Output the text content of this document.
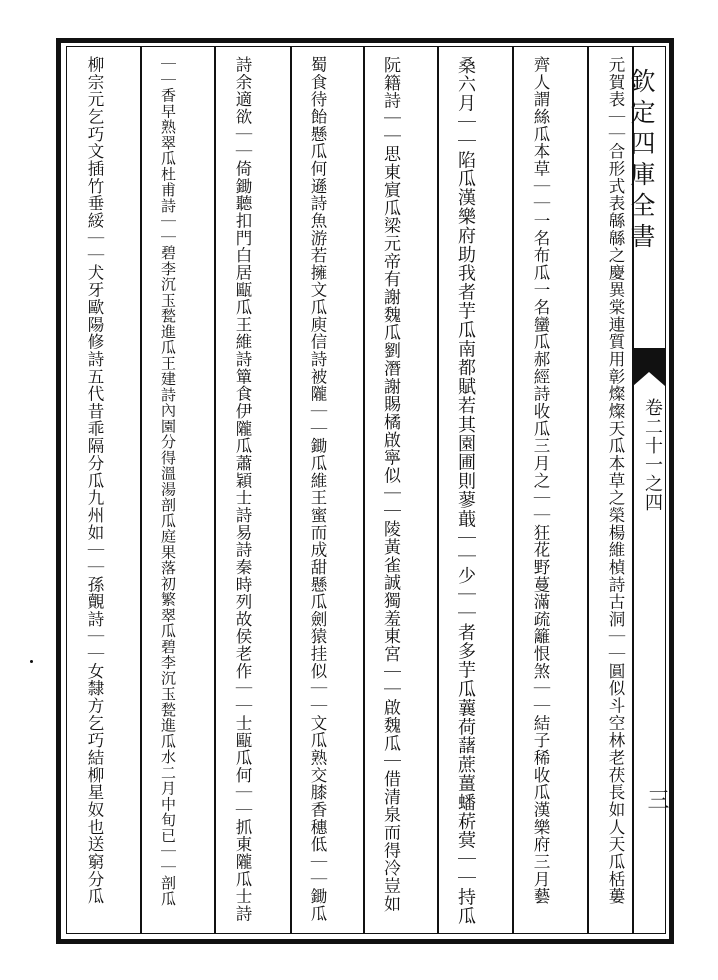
欽定四庫全書
卷二十一之四
三
元賀表｜｜合形式表緜緜之慶異棠連質用彰燦燦天瓜本草之榮楊維楨詩古洞｜｜圓似斗空林老茯長如人天瓜栝蔞
齊人謂絲瓜本草｜｜一名布瓜一名蠻瓜郝經詩收瓜三月之｜｜狂花野蔓滿疏籬恨煞｜｜結子稀收瓜漢樂府三月藝
桑六月｜｜陷瓜漢樂府助我者芋瓜南都賦若其園圃則蓼蕺｜｜少｜｜者多芋瓜蘘荷藷蔗薑蟠菥蓂｜｜持瓜
阮籍詩｜｜思東賔瓜梁元帝有謝魏瓜劉潛謝賜橘啟寧似｜｜陵黃雀誠獨羞東宮｜｜啟魏瓜｜借清泉而得冷豈如
蜀食待飴懸瓜何遜詩魚游若擁文瓜庾信詩被隴｜｜鋤瓜維王蜜而成甜懸瓜劍猿挂似｜｜文瓜熟交膝香穗低｜｜鋤瓜
詩余適欲｜｜倚鋤聽扣門白居甌瓜王維詩簞食伊隴瓜蕭穎士詩易詩秦時列故侯老作｜｜士甌瓜何｜｜抓東隴瓜士詩
｜｜香早熟翠瓜杜甫詩｜｜碧李沉玉甃進瓜王建詩內園分得溫湯剖瓜庭果落初繁翠瓜碧李沉玉甃進瓜水二月中旬已｜｜剖瓜
柳宗元乞巧文插竹垂綏｜｜犬牙歐陽修詩五代昔乖隔分瓜九州如｜｜孫覿詩｜｜女隸方乞巧結柳星奴也送窮分瓜
